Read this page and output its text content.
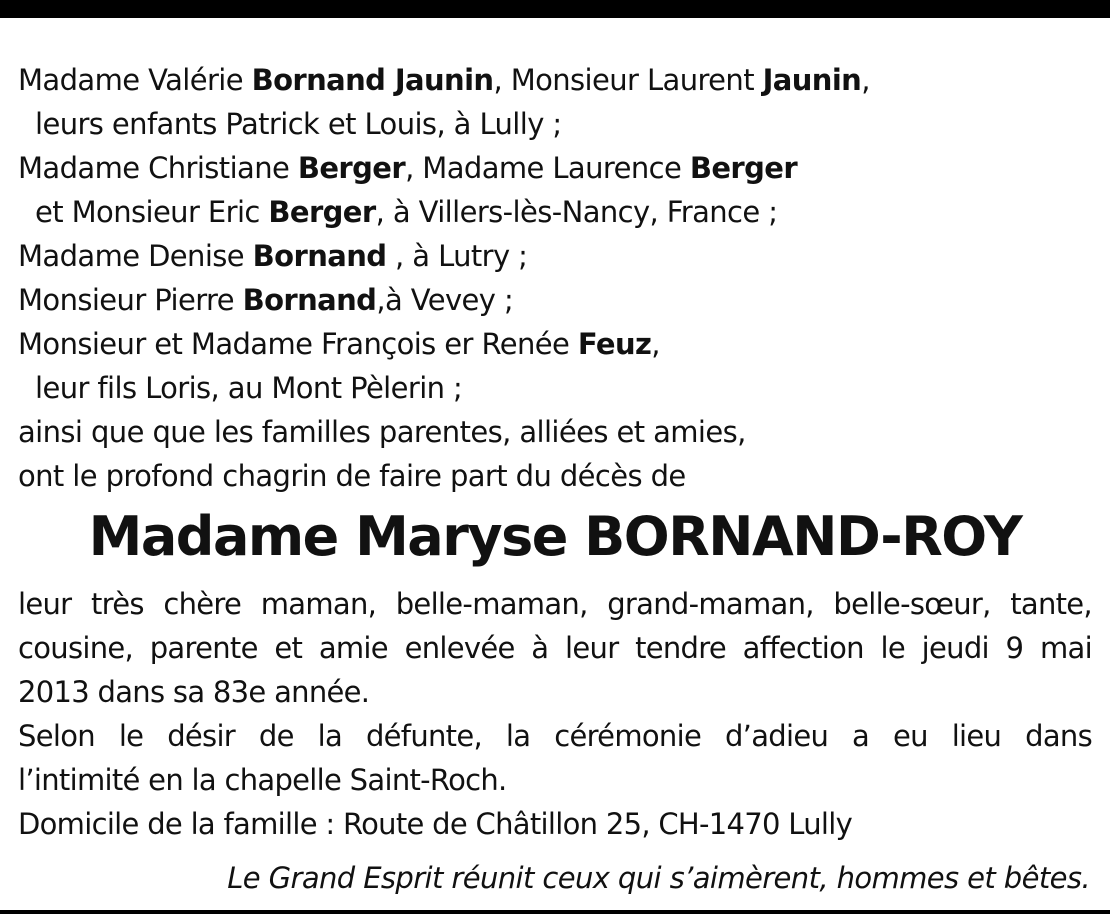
Madame Valérie Bornand Jaunin, Monsieur Laurent Jaunin,
leurs enfants Patrick et Louis, à Lully ;
Madame Christiane Berger, Madame Laurence Berger
et Monsieur Eric Berger, à Villers-lès-Nancy, France ;
Madame Denise Bornand , à Lutry ;
Monsieur Pierre Bornand,à Vevey ;
Monsieur et Madame François er Renée Feuz,
leur fils Loris, au Mont Pèlerin ;
ainsi que que les familles parentes, alliées et amies,
ont le profond chagrin de faire part du décès de
Madame Maryse BORNAND-ROY
leur très chère maman, belle-maman, grand-maman, belle-sœur, tante,
cousine, parente et amie enlevée à leur tendre affection le jeudi 9 mai
2013 dans sa 83e année.
Selon le désir de la défunte, la cérémonie d’adieu a eu lieu dans
l’intimité en la chapelle Saint-Roch.
Domicile de la famille : Route de Châtillon 25, CH-1470 Lully
Le Grand Esprit réunit ceux qui s’aimèrent, hommes et bêtes.
